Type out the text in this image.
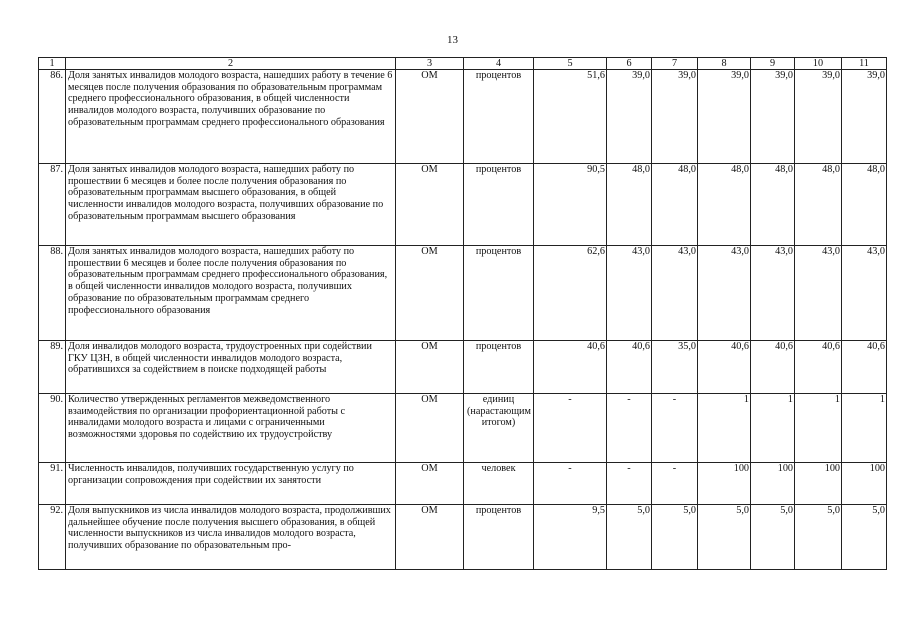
13
1	2	3	4	5	6	7	8	9	10	11
86.	Доля занятых инвалидов молодого возраста, нашедших работу в течение 6 месяцев после получения образования по образовательным программам среднего профессионального образования, в общей численности инвалидов молодого возраста, получивших образование по образовательным программам среднего профессионального образования	ОМ	процентов	51,6	39,0	39,0	39,0	39,0	39,0	39,0
87.	Доля занятых инвалидов молодого возраста, нашедших работу по прошествии 6 месяцев и более после получения образования по образовательным программам высшего образования, в общей численности инвалидов молодого возраста, получивших образование по образовательным программам высшего образования	ОМ	процентов	90,5	48,0	48,0	48,0	48,0	48,0	48,0
88.	Доля занятых инвалидов молодого возраста, нашедших работу по прошествии 6 месяцев и более после получения образования по образовательным программам среднего профессионального образования, в общей численности инвалидов молодого возраста, получивших образование по образовательным программам среднего профессионального образования	ОМ	процентов	62,6	43,0	43,0	43,0	43,0	43,0	43,0
89.	Доля инвалидов молодого возраста, трудоустроенных при содействии ГКУ ЦЗН, в общей численности инвалидов молодого возраста, обратившихся за содействием в поиске подходящей работы	ОМ	процентов	40,6	40,6	35,0	40,6	40,6	40,6	40,6
90.	Количество утвержденных регламентов межведомственного взаимодействия по организации профориентационной работы с инвалидами молодого возраста и лицами с ограниченными возможностями здоровья по содействию их трудоустройству	ОМ	единиц (нарастающим итогом)	-	-	-	1	1	1	1
91.	Численность инвалидов, получивших государственную услугу по организации сопровождения при содействии их занятости	ОМ	человек	-	-	-	100	100	100	100
92.	Доля выпускников из числа инвалидов молодого возраста, продолживших дальнейшее обучение после получения высшего образования, в общей численности выпускников из числа инвалидов молодого возраста, получивших образование по образовательным про-	ОМ	процентов	9,5	5,0	5,0	5,0	5,0	5,0	5,0
